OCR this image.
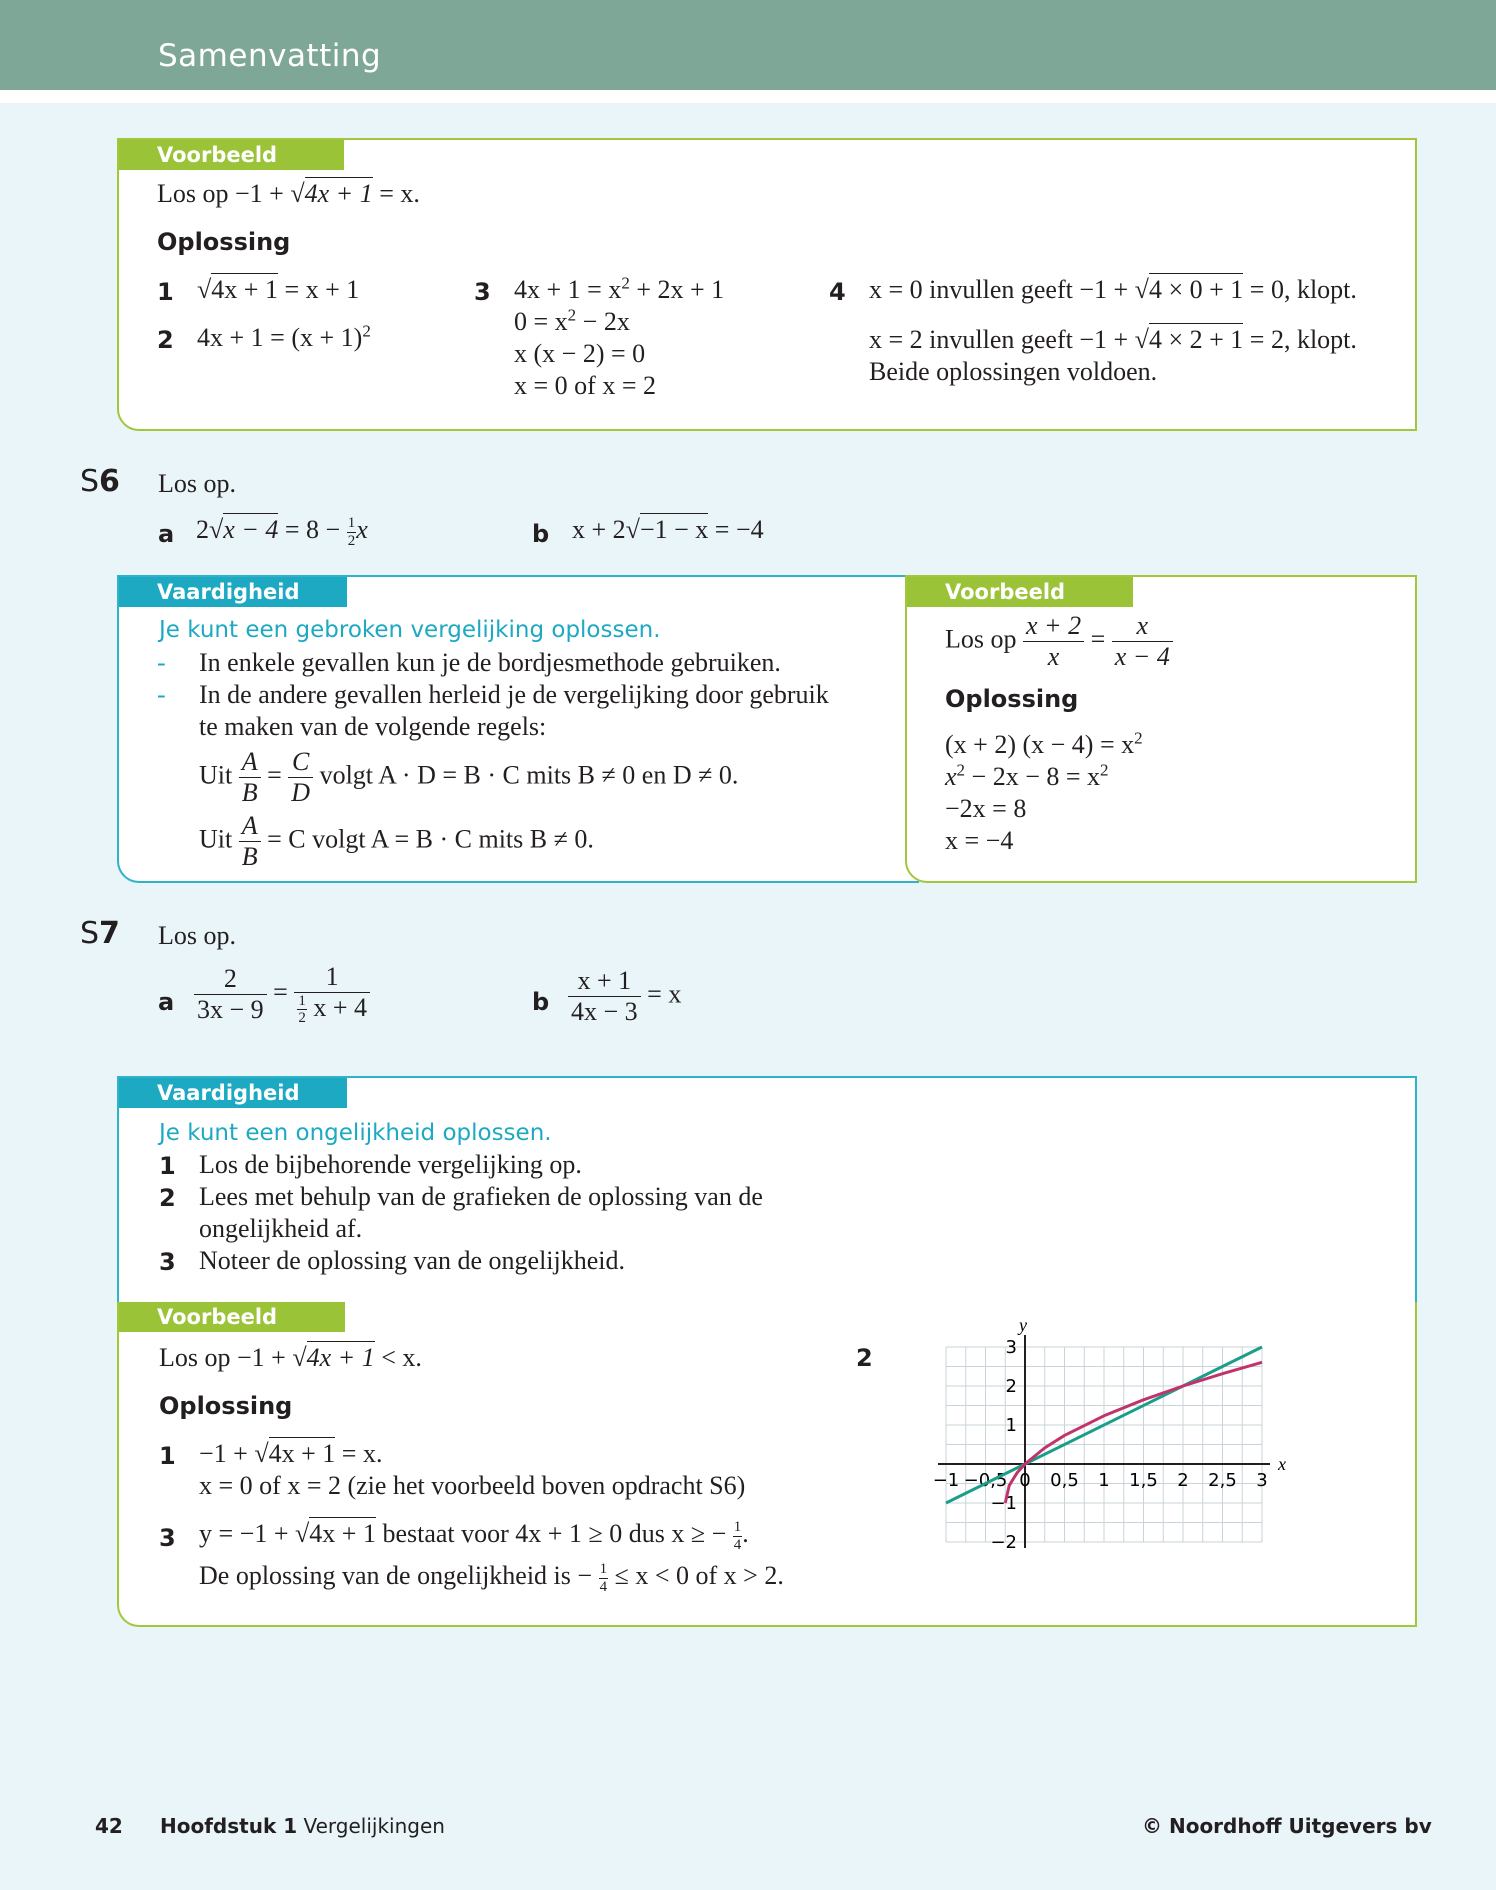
Samenvatting
Voorbeeld
Los op −1 + √4x + 1 = x.
Oplossing
1 √4x + 1 = x + 1
2 $4x + 1 = (x + 1)^2$
3 $4x + 1 = x^2 + 2x + 1$
$0 = x^2 - 2x$
x (x − 2) = 0
x = 0 of x = 2
4 x = 0 invullen geeft −1 + √4 × 0 + 1 = 0, klopt.
x = 2 invullen geeft −1 + √4 × 2 + 1 = 2, klopt.
Beide oplossingen voldoen.
S6 Los op.
a $2√x - 4 = 8 - \frac{1}{2}$ x	b x + 2√−1 − x = −4
Vaardigheid
Je kunt een gebroken vergelijking oplossen.
- In enkele gevallen kun je de bordjesmethode gebruiken.
- In de andere gevallen herleid je de vergelijking door gebruik
te maken van de volgende regels:
Uit $\frac{A}{B} = \frac{C}{D}$ volgt A · D = B · C mits B ≠ 0 en D ≠ 0.
Uit $\frac{A}{B} = C$ volgt A = B · C mits B ≠ 0.
Voorbeeld
Los op $\frac{x + 2}{x} = \frac{x}{x - 4}$
Oplossing
(x + 2) $(x - 4) = x^2$
$x^2 - 2x - 8 = x^2$
−2x = 8
x = −4
S7 Los op.
a $\frac{2}{3x - 9} = \frac{1}{\frac{1}{2} x + 4}$	b $\frac{x + 1}{4x - 3} = x$
Vaardigheid
Je kunt een ongelijkheid oplossen.
1 Los de bijbehorende vergelijking op.
2 Lees met behulp van de grafieken de oplossing van de
ongelijkheid af.
3 Noteer de oplossing van de ongelijkheid.
Voorbeeld
Los op −1 + √4x + 1 < x.
Oplossing
1 −1 + √4x + 1 = x.
x = 0 of x = 2 (zie het voorbeeld boven opdracht S6)
3 y = −1 + √4x + 1 bestaat voor 4x + 1 ≥ 0 dus x ≥ − $\frac{1}{4}$ .
De oplossing van de ongelijkheid is − $\frac{1}{4} \le x < 0$ of x > 2.
2
x
y
−1 −0,5 0 0,5 1 1,5 2 2,5 3
3
2
1
−1
−2
42 Hoofdstuk 1 Vergelijkingen	© Noordhoff Uitgevers bv
